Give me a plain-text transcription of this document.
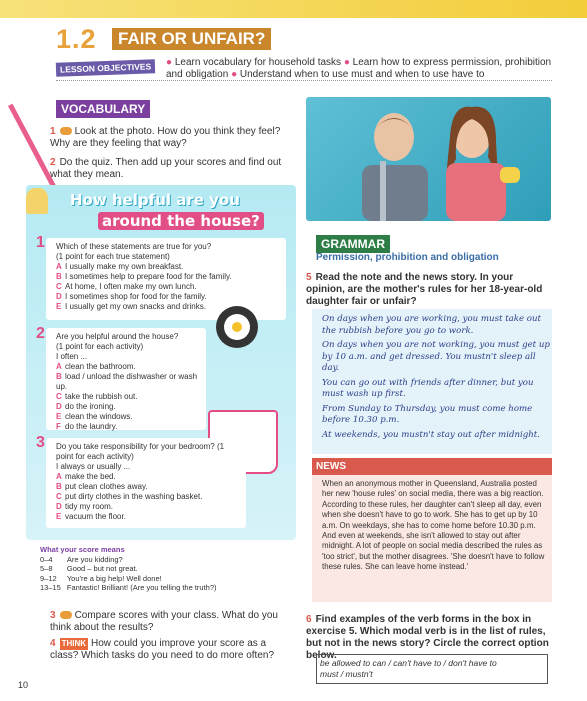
1.2	FAIR OR UNFAIR?
LESSON OBJECTIVES	● Learn vocabulary for household tasks ● Learn how to express permission, prohibition and obligation ● Understand when to use must and when to use have to
VOCABULARY
1 Look at the photo. How do you think they feel? Why are they feeling that way?
2 Do the quiz. Then add up your scores and find out what they mean.
How helpful are you
around the house?
1 Which of these statements are true for you?
(1 point for each true statement)
A I usually make my own breakfast.
B I sometimes help to prepare food for the family.
C At home, I often make my own lunch.
D I sometimes shop for food for the family.
E I usually get my own snacks and drinks.
2 Are you helpful around the house?
(1 point for each activity)
I often ...
A clean the bathroom.
B load / unload the dishwasher or wash up.
C take the rubbish out.
D do the ironing.
E clean the windows.
F do the laundry.
3 Do you take responsibility for your bedroom? (1 point for each activity)
I always or usually ...
A make the bed.
B put clean clothes away.
C put dirty clothes in the washing basket.
D tidy my room.
E vacuum the floor.
What your score means
0–4	Are you kidding?
5–8	Good – but not great.
9–12	You're a big help! Well done!
13–15	Fantastic! Brilliant! (Are you telling the truth?)
3 Compare scores with your class. What do you think about the results?
4 THINK How could you improve your score as a class? Which tasks do you need to do more often?
GRAMMAR
Permission, prohibition and obligation
5 Read the note and the news story. In your opinion, are the mother's rules for her 18-year-old daughter fair or unfair?

On days when you are working, you must take out the rubbish before you go to work.

On days when you are not working, you must get up by 10 a.m. and get dressed. You mustn't sleep all day.

You can go out with friends after dinner, but you must wash up first.

From Sunday to Thursday, you must come home before 10.30 p.m.

At weekends, you mustn't stay out after midnight.

NEWS
When an anonymous mother in Queensland, Australia posted her new 'house rules' on social media, there was a big reaction. According to these rules, her daughter can't sleep all day, even when she doesn't have to go to work. She has to get up by 10 a.m. On weekdays, she has to come home before 10.30 p.m. And even at weekends, she isn't allowed to stay out after midnight. A lot of people on social media described the rules as 'too strict', but the mother disagrees. 'She doesn't have to follow these rules. She can leave home instead.'
6 Find examples of the verb forms in the box in exercise 5. Which modal verb is in the list of rules, but not in the news story? Circle the correct option below.
be allowed to can / can't have to / don't have to
must / mustn't
10
